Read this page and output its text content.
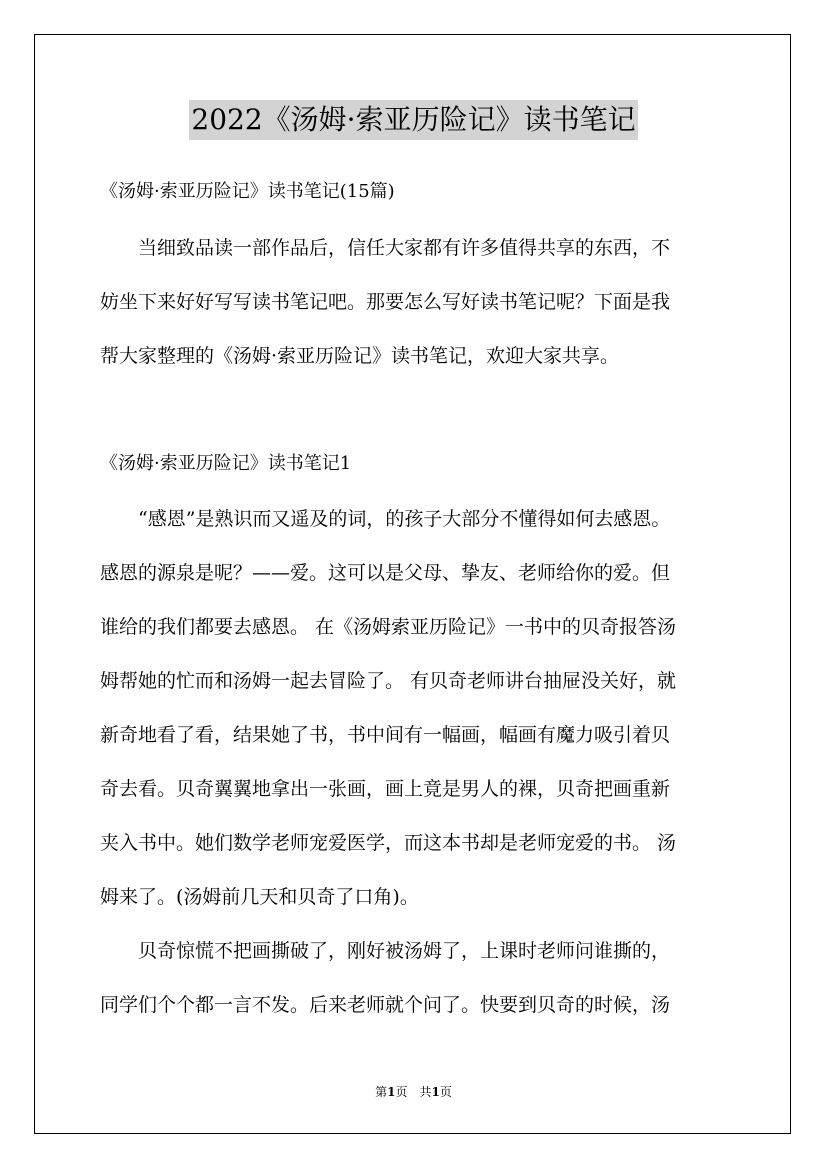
2022《汤姆·索亚历险记》读书笔记
《汤姆·索亚历险记》读书笔记(15篇)
　　当细致品读一部作品后，信任大家都有许多值得共享的东西，不
妨坐下来好好写写读书笔记吧。那要怎么写好读书笔记呢？下面是我
帮大家整理的《汤姆·索亚历险记》读书笔记，欢迎大家共享。
《汤姆·索亚历险记》读书笔记1
　　“感恩”是熟识而又遥及的词，的孩子大部分不懂得如何去感恩。
感恩的源泉是呢？——爱。这可以是父母、挚友、老师给你的爱。但
谁给的我们都要去感恩。 在《汤姆索亚历险记》一书中的贝奇报答汤
姆帮她的忙而和汤姆一起去冒险了。 有贝奇老师讲台抽屉没关好，就
新奇地看了看，结果她了书，书中间有一幅画，幅画有魔力吸引着贝
奇去看。贝奇翼翼地拿出一张画，画上竟是男人的裸，贝奇把画重新
夹入书中。她们数学老师宠爱医学，而这本书却是老师宠爱的书。 汤
姆来了。(汤姆前几天和贝奇了口角)。
　　贝奇惊慌不把画撕破了，刚好被汤姆了，上课时老师问谁撕的，
同学们个个都一言不发。后来老师就个问了。快要到贝奇的时候，汤
第1页　共1页
